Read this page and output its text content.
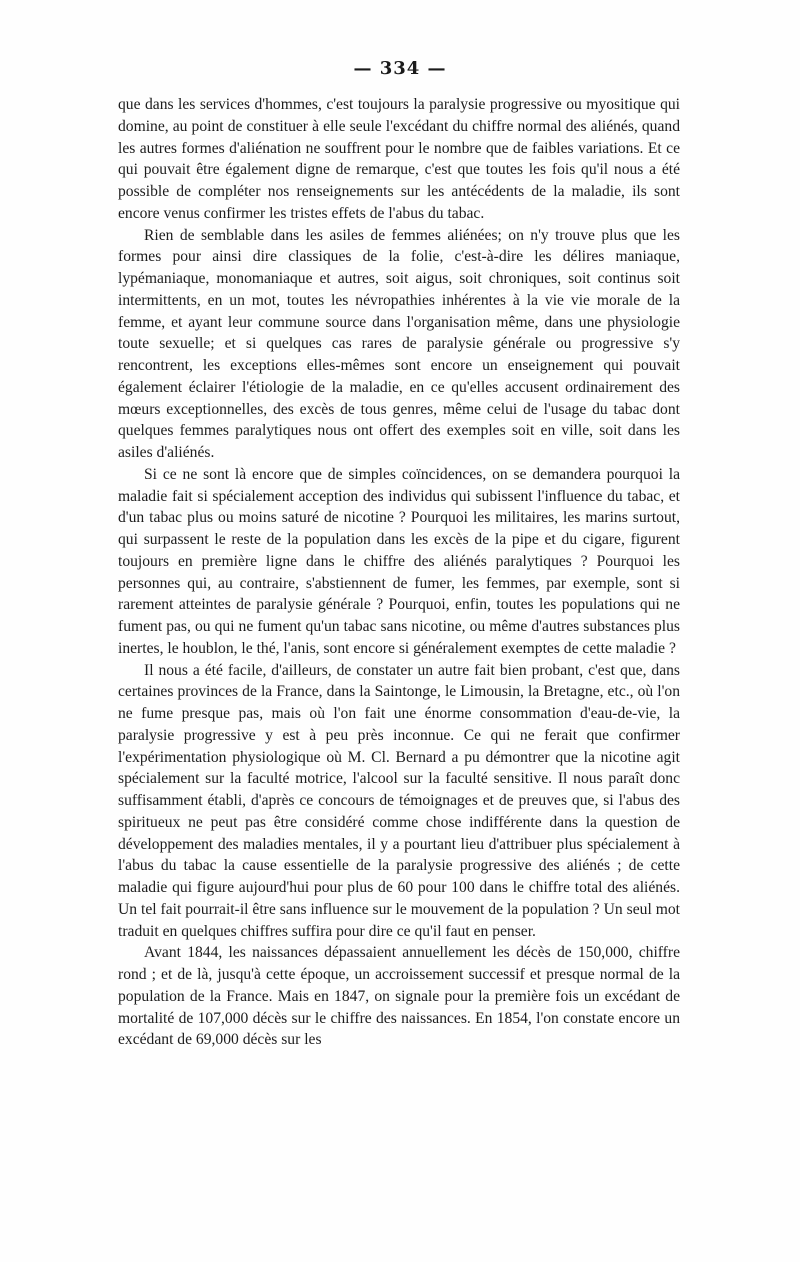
— 334 —

que dans les services d'hommes, c'est toujours la paralysie progressive ou myositique qui domine, au point de constituer à elle seule l'excédant du chiffre normal des aliénés, quand les autres formes d'aliénation ne souffrent pour le nombre que de faibles variations. Et ce qui pouvait être également digne de remarque, c'est que toutes les fois qu'il nous a été possible de compléter nos renseignements sur les antécédents de la maladie, ils sont encore venus confirmer les tristes effets de l'abus du tabac.

Rien de semblable dans les asiles de femmes aliénées; on n'y trouve plus que les formes pour ainsi dire classiques de la folie, c'est-à-dire les délires maniaque, lypémaniaque, monomaniaque et autres, soit aigus, soit chroniques, soit continus soit intermittents, en un mot, toutes les névropathies inhérentes à la vie vie morale de la femme, et ayant leur commune source dans l'organisation même, dans une physiologie toute sexuelle; et si quelques cas rares de paralysie générale ou progressive s'y rencontrent, les exceptions elles-mêmes sont encore un enseignement qui pouvait également éclairer l'étiologie de la maladie, en ce qu'elles accusent ordinairement des mœurs exceptionnelles, des excès de tous genres, même celui de l'usage du tabac dont quelques femmes paralytiques nous ont offert des exemples soit en ville, soit dans les asiles d'aliénés.

Si ce ne sont là encore que de simples coïncidences, on se demandera pourquoi la maladie fait si spécialement acception des individus qui subissent l'influence du tabac, et d'un tabac plus ou moins saturé de nicotine ? Pourquoi les militaires, les marins surtout, qui surpassent le reste de la population dans les excès de la pipe et du cigare, figurent toujours en première ligne dans le chiffre des aliénés paralytiques ? Pourquoi les personnes qui, au contraire, s'abstiennent de fumer, les femmes, par exemple, sont si rarement atteintes de paralysie générale ? Pourquoi, enfin, toutes les populations qui ne fument pas, ou qui ne fument qu'un tabac sans nicotine, ou même d'autres substances plus inertes, le houblon, le thé, l'anis, sont encore si généralement exemptes de cette maladie ?

Il nous a été facile, d'ailleurs, de constater un autre fait bien probant, c'est que, dans certaines provinces de la France, dans la Saintonge, le Limousin, la Bretagne, etc., où l'on ne fume presque pas, mais où l'on fait une énorme consommation d'eau-de-vie, la paralysie progressive y est à peu près inconnue. Ce qui ne ferait que confirmer l'expérimentation physiologique où M. Cl. Bernard a pu démontrer que la nicotine agit spécialement sur la faculté motrice, l'alcool sur la faculté sensitive. Il nous paraît donc suffisamment établi, d'après ce concours de témoignages et de preuves que, si l'abus des spiritueux ne peut pas être considéré comme chose indifférente dans la question de développement des maladies mentales, il y a pourtant lieu d'attribuer plus spécialement à l'abus du tabac la cause essentielle de la paralysie progressive des aliénés ; de cette maladie qui figure aujourd'hui pour plus de 60 pour 100 dans le chiffre total des aliénés. Un tel fait pourrait-il être sans influence sur le mouvement de la population ? Un seul mot traduit en quelques chiffres suffira pour dire ce qu'il faut en penser.

Avant 1844, les naissances dépassaient annuellement les décès de 150,000, chiffre rond ; et de là, jusqu'à cette époque, un accroissement successif et presque normal de la population de la France. Mais en 1847, on signale pour la première fois un excédant de mortalité de 107,000 décès sur le chiffre des naissances. En 1854, l'on constate encore un excédant de 69,000 décès sur les
